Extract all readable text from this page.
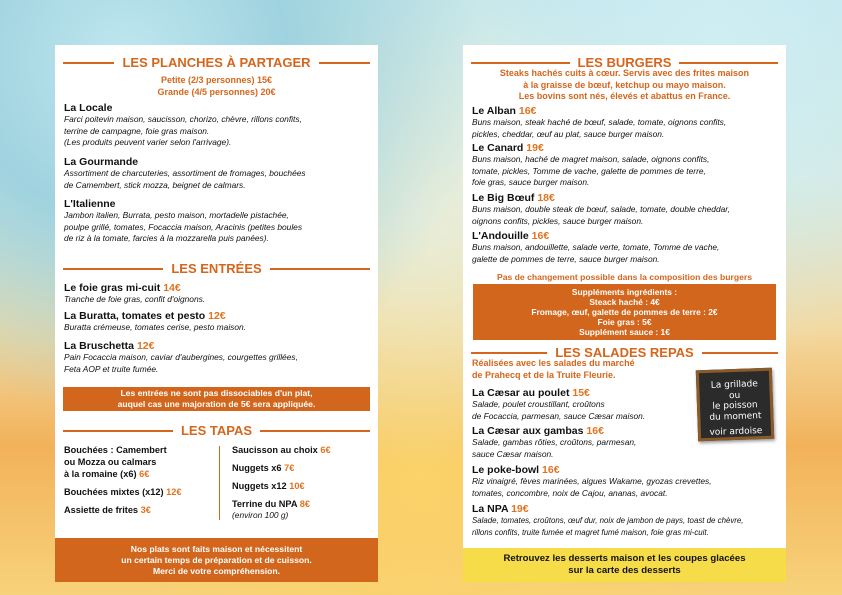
LES PLANCHES À PARTAGER
Petite (2/3 personnes) 15€
Grande (4/5 personnes) 20€
La Locale
Farci poitevin maison, saucisson, chorizo, chèvre, rillons confits,
terrine de campagne, foie gras maison.
(Les produits peuvent varier selon l'arrivage).
La Gourmande
Assortiment de charcuteries, assortiment de fromages, bouchées
de Camembert, stick mozza, beignet de calmars.
L'Italienne
Jambon italien, Burrata, pesto maison, mortadelle pistachée,
poulpe grillé, tomates, Focaccia maison, Aracinis (petites boules
de riz à la tomate, farcies à la mozzarella puis panées).
LES ENTRÉES
Le foie gras mi-cuit 14€
Tranche de foie gras, confit d'oignons.
La Buratta, tomates et pesto 12€
Buratta crémeuse, tomates cerise, pesto maison.
La Bruschetta 12€
Pain Focaccia maison, caviar d'aubergines, courgettes grillées,
Feta AOP et truite fumée.
Les entrées ne sont pas dissociables d'un plat,
auquel cas une majoration de 5€ sera appliquée.
LES TAPAS
Bouchées : Camembert
ou Mozza ou calmars
à la romaine (x6) 6€
Bouchées mixtes (x12) 12€
Assiette de frites 3€
Saucisson au choix 6€
Nuggets x6 7€
Nuggets x12 10€
Terrine du NPA 8€
(environ 100 g)
Nos plats sont faits maison et nécessitent
un certain temps de préparation et de cuisson.
Merci de votre compréhension.
LES BURGERS
Steaks hachés cuits à cœur. Servis avec des frites maison
à la graisse de bœuf, ketchup ou mayo maison.
Les bovins sont nés, élevés et abattus en France.
Le Alban 16€
Buns maison, steak haché de bœuf, salade, tomate, oignons confits,
pickles, cheddar, œuf au plat, sauce burger maison.
Le Canard 19€
Buns maison, haché de magret maison, salade, oignons confits,
tomate, pickles, Tomme de vache, galette de pommes de terre,
foie gras, sauce burger maison.
Le Big Bœuf 18€
Buns maison, double steak de bœuf, salade, tomate, double cheddar,
oignons confits, pickles, sauce burger maison.
L'Andouille 16€
Buns maison, andouillette, salade verte, tomate, Tomme de vache,
galette de pommes de terre, sauce burger maison.
Pas de changement possible dans la composition des burgers
Suppléments ingrédients :
Steack haché : 4€
Fromage, œuf, galette de pommes de terre : 2€
Foie gras : 5€
Supplément sauce : 1€
LES SALADES REPAS
Réalisées avec les salades du marché
de Prahecq et de la Truite Fleurie.
La Cæsar au poulet 15€
Salade, poulet croustillant, croûtons
de Focaccia, parmesan, sauce Cæsar maison.
La Cæsar aux gambas 16€
Salade, gambas rôties, croûtons, parmesan,
sauce Cæsar maison.
Le poke-bowl 16€
Riz vinaigré, fèves marinées, algues Wakame, gyozas crevettes,
tomates, concombre, noix de Cajou, ananas, avocat.
La NPA 19€
Salade, tomates, croûtons, œuf dur, noix de jambon de pays, toast de chèvre,
rillons confits, truite fumée et magret fumé maison, foie gras mi-cuit.
Retrouvez les desserts maison et les coupes glacées
sur la carte des desserts
La grillade
ou
le poisson
du moment
voir ardoise
